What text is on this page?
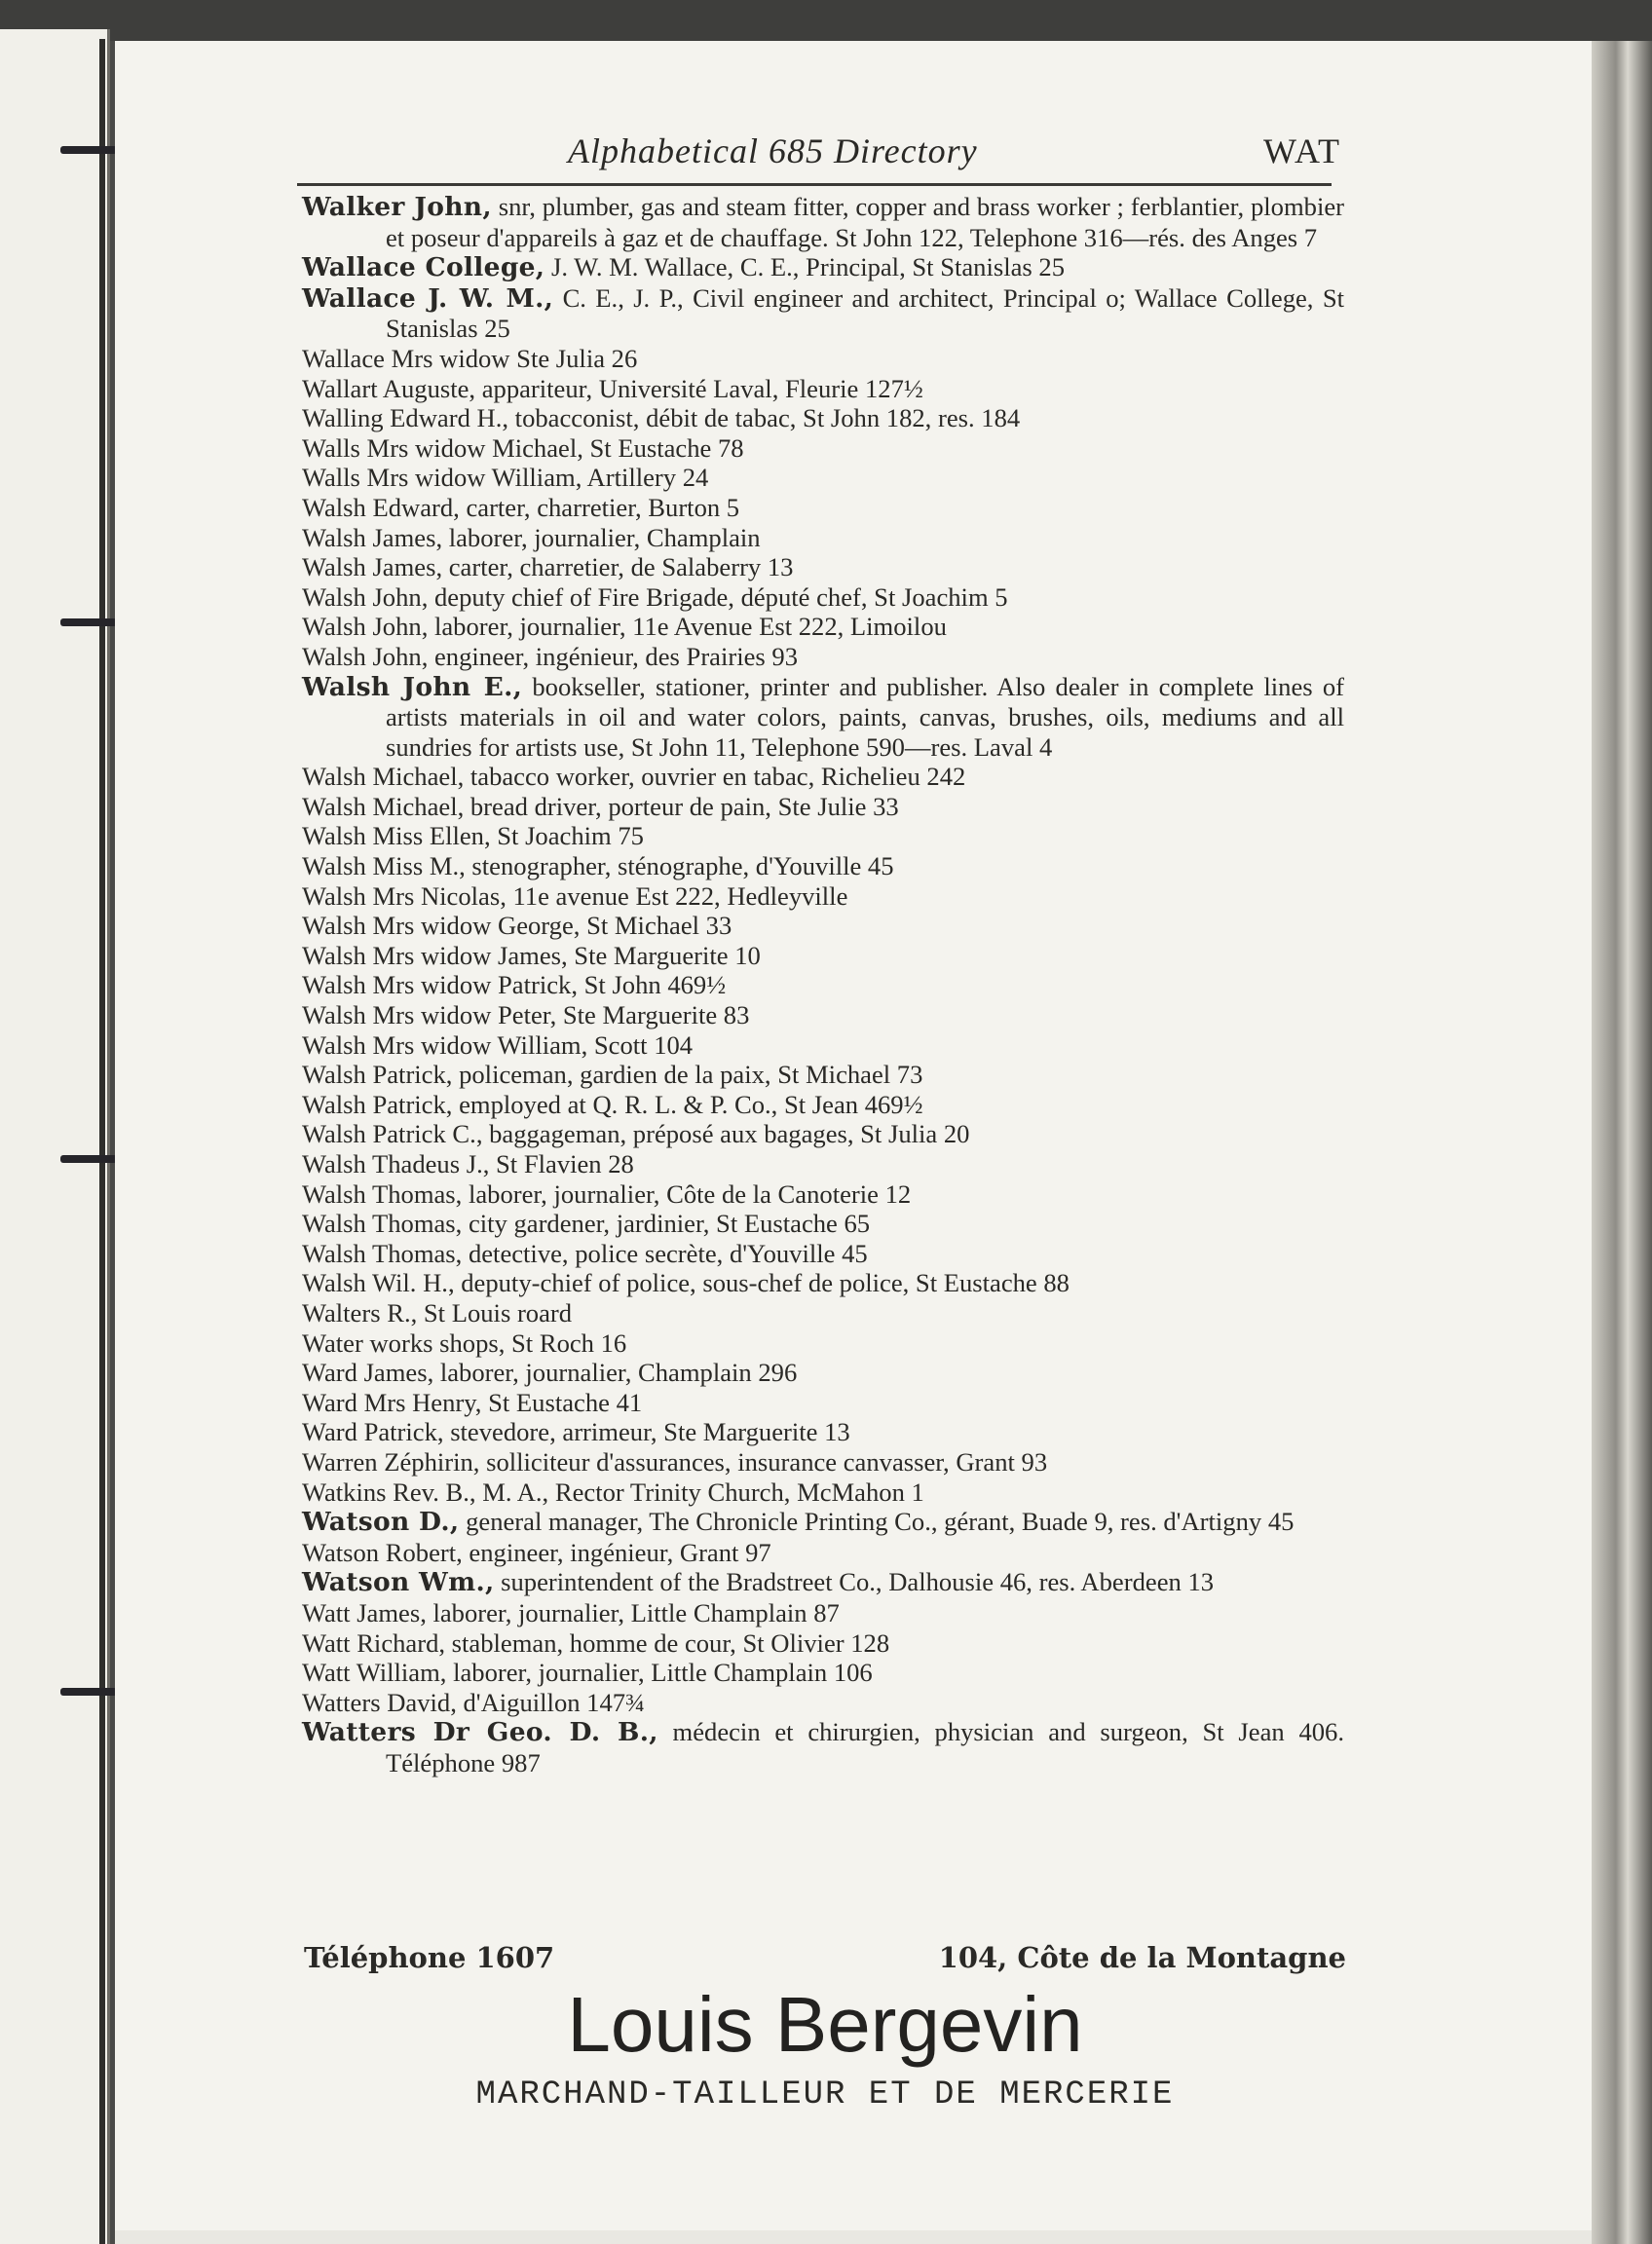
Alphabetical 685 Directory	WAT
Walker John, snr, plumber, gas and steam fitter, copper and brass worker ; ferblantier, plombier et poseur d'appareils à gaz et de chauffage. St John 122, Telephone 316—rés. des Anges 7
Wallace College, J. W. M. Wallace, C. E., Principal, St Stanislas 25
Wallace J. W. M., C. E., J. P., Civil engineer and architect, Principal o; Wallace College, St Stanislas 25
Wallace Mrs widow Ste Julia 26
Wallart Auguste, appariteur, Université Laval, Fleurie 127½
Walling Edward H., tobacconist, débit de tabac, St John 182, res. 184
Walls Mrs widow Michael, St Eustache 78
Walls Mrs widow William, Artillery 24
Walsh Edward, carter, charretier, Burton 5
Walsh James, laborer, journalier, Champlain
Walsh James, carter, charretier, de Salaberry 13
Walsh John, deputy chief of Fire Brigade, député chef, St Joachim 5
Walsh John, laborer, journalier, 11e Avenue Est 222, Limoilou
Walsh John, engineer, ingénieur, des Prairies 93
Walsh John E., bookseller, stationer, printer and publisher. Also dealer in complete lines of artists materials in oil and water colors, paints, canvas, brushes, oils, mediums and all sundries for artists use, St John 11, Telephone 590—res. Laval 4
Walsh Michael, tabacco worker, ouvrier en tabac, Richelieu 242
Walsh Michael, bread driver, porteur de pain, Ste Julie 33
Walsh Miss Ellen, St Joachim 75
Walsh Miss M., stenographer, sténographe, d'Youville 45
Walsh Mrs Nicolas, 11e avenue Est 222, Hedleyville
Walsh Mrs widow George, St Michael 33
Walsh Mrs widow James, Ste Marguerite 10
Walsh Mrs widow Patrick, St John 469½
Walsh Mrs widow Peter, Ste Marguerite 83
Walsh Mrs widow William, Scott 104
Walsh Patrick, policeman, gardien de la paix, St Michael 73
Walsh Patrick, employed at Q. R. L. & P. Co., St Jean 469½
Walsh Patrick C., baggageman, préposé aux bagages, St Julia 20
Walsh Thadeus J., St Flavien 28
Walsh Thomas, laborer, journalier, Côte de la Canoterie 12
Walsh Thomas, city gardener, jardinier, St Eustache 65
Walsh Thomas, detective, police secrète, d'Youville 45
Walsh Wil. H., deputy-chief of police, sous-chef de police, St Eustache 88
Walters R., St Louis roard
Water works shops, St Roch 16
Ward James, laborer, journalier, Champlain 296
Ward Mrs Henry, St Eustache 41
Ward Patrick, stevedore, arrimeur, Ste Marguerite 13
Warren Zéphirin, solliciteur d'assurances, insurance canvasser, Grant 93
Watkins Rev. B., M. A., Rector Trinity Church, McMahon 1
Watson D., general manager, The Chronicle Printing Co., gérant, Buade 9, res. d'Artigny 45
Watson Robert, engineer, ingénieur, Grant 97
Watson Wm., superintendent of the Bradstreet Co., Dalhousie 46, res. Aberdeen 13
Watt James, laborer, journalier, Little Champlain 87
Watt Richard, stableman, homme de cour, St Olivier 128
Watt William, laborer, journalier, Little Champlain 106
Watters David, d'Aiguillon 147¾
Watters Dr Geo. D. B., médecin et chirurgien, physician and surgeon, St Jean 406. Téléphone 987
Téléphone 1607	104, Côte de la Montagne
Louis Bergevin
MARCHAND-TAILLEUR ET DE MERCERIE
